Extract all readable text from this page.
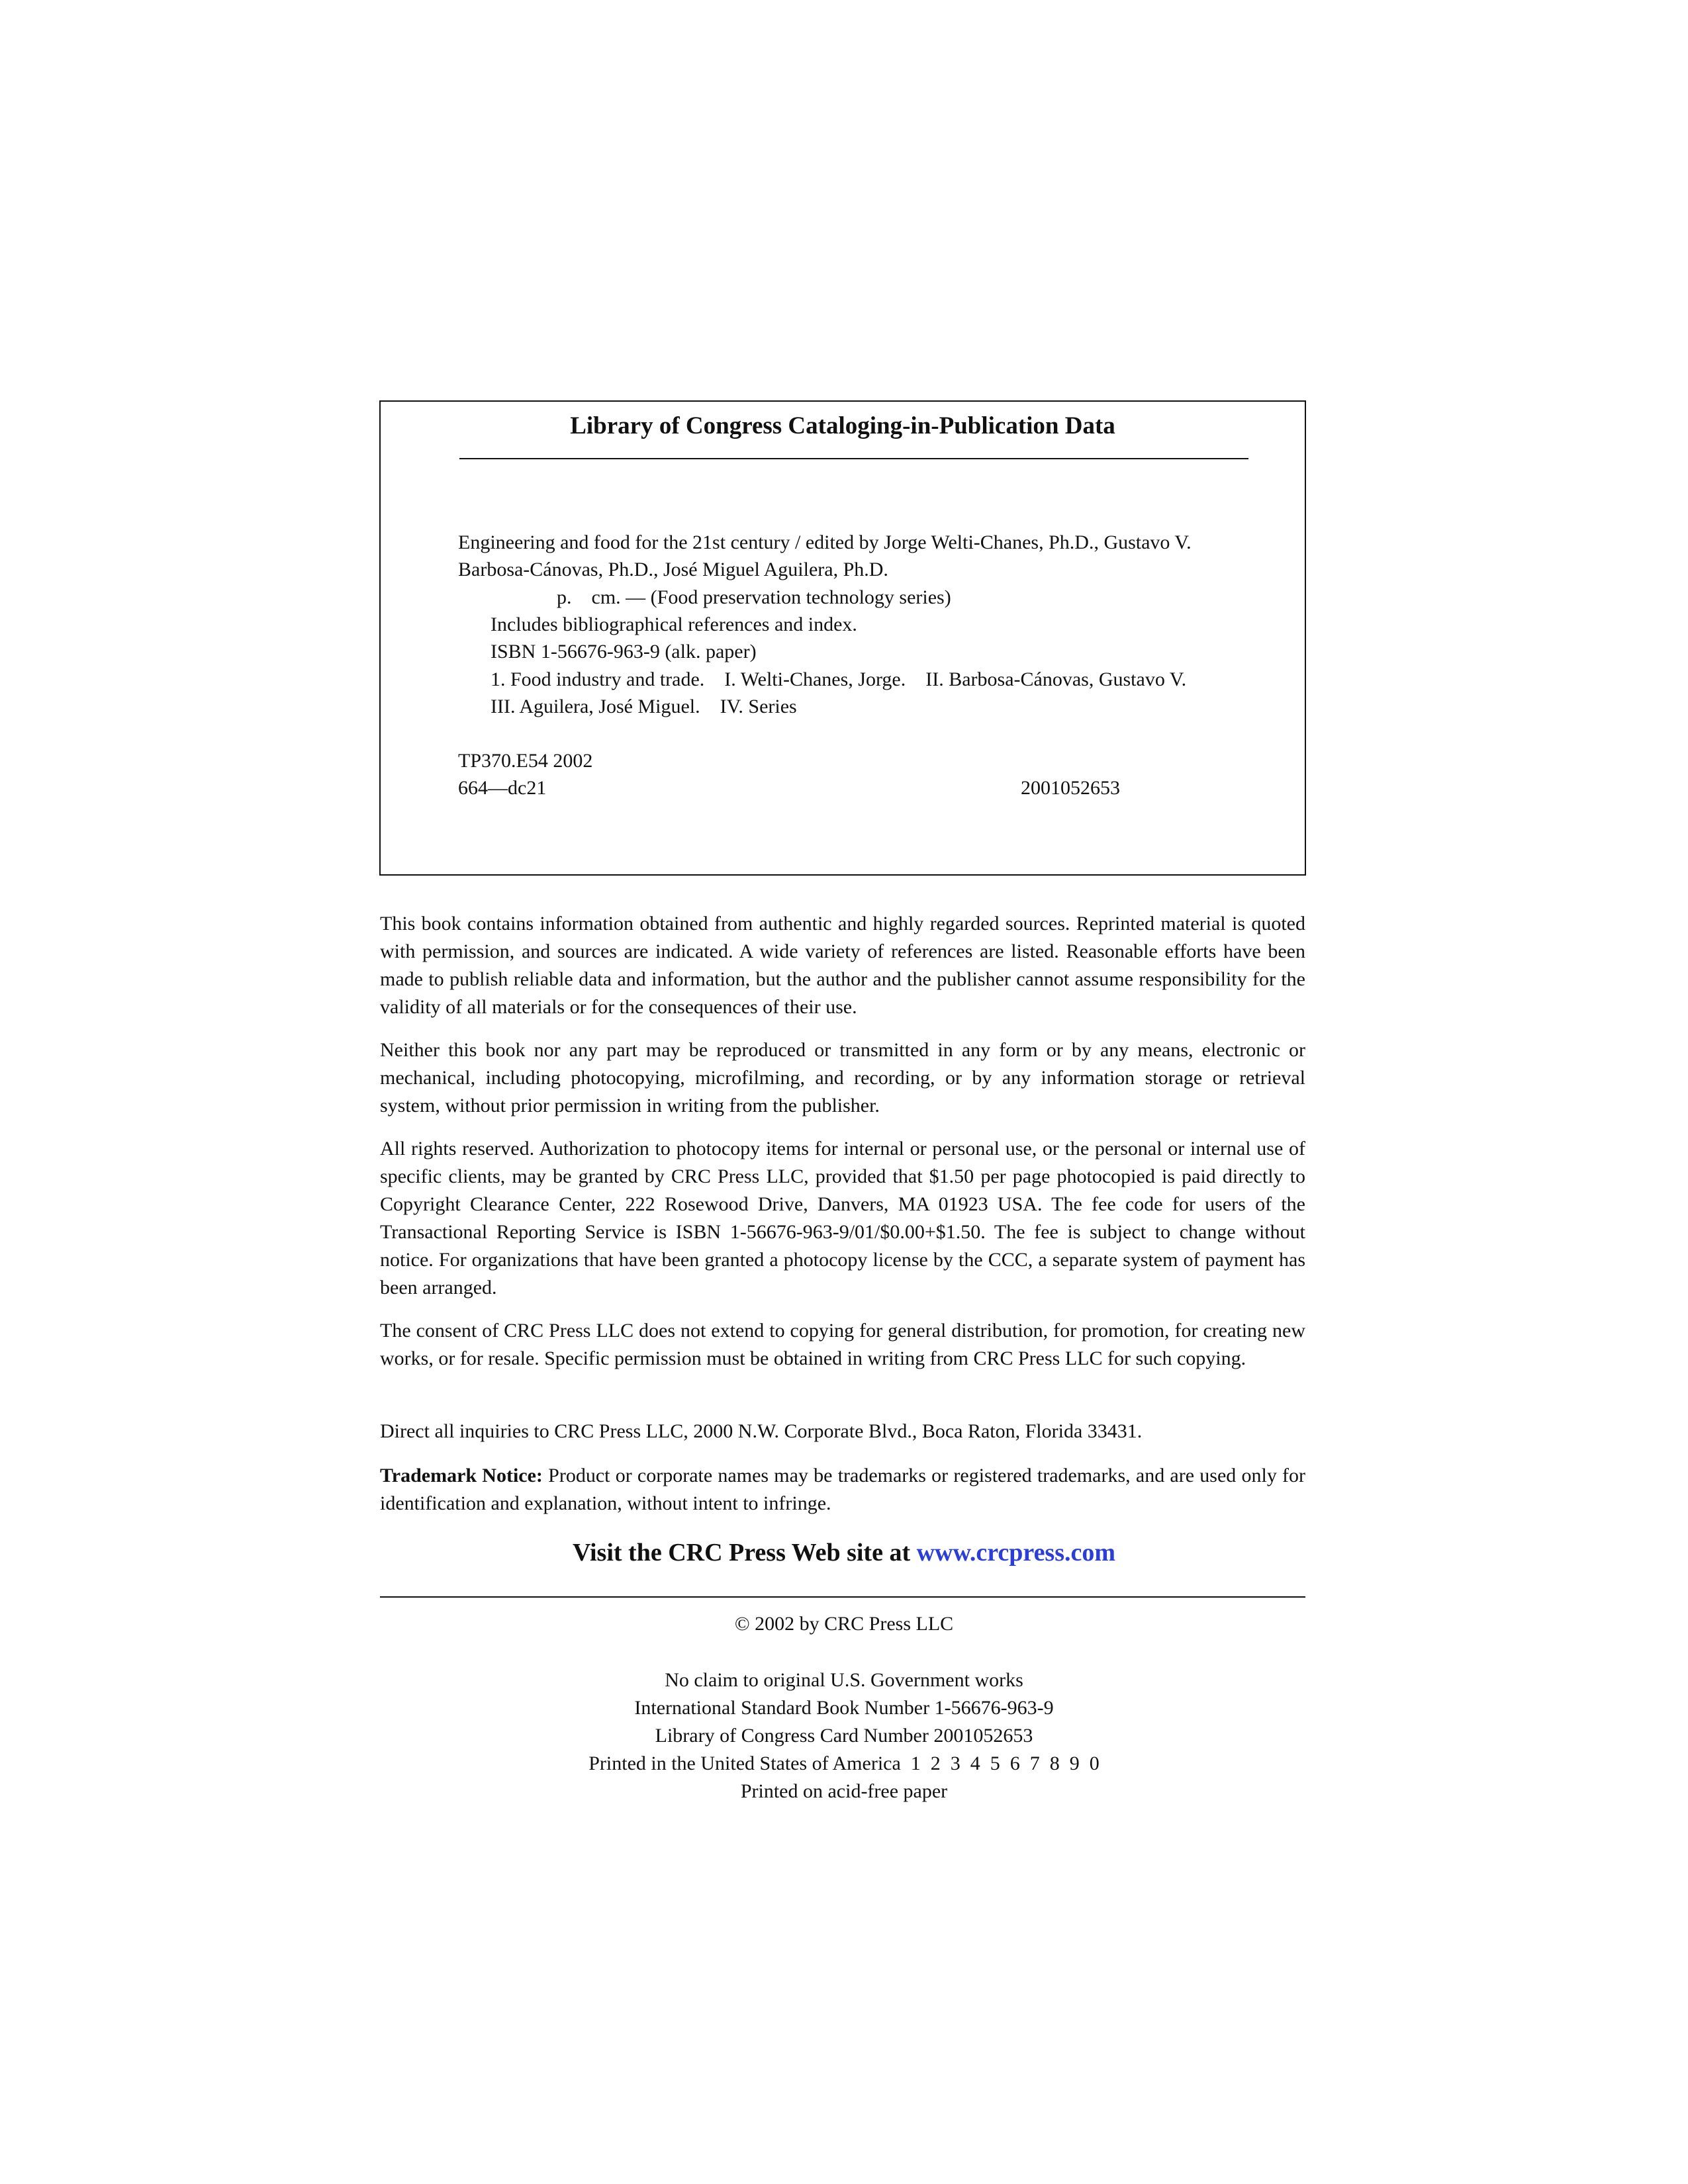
Library of Congress Cataloging-in-Publication Data
Engineering and food for the 21st century / edited by Jorge Welti-Chanes, Ph.D., Gustavo V.
Barbosa-Cánovas, Ph.D., José Miguel Aguilera, Ph.D.
p.    cm. — (Food preservation technology series)
Includes bibliographical references and index.
ISBN 1-56676-963-9 (alk. paper)
1. Food industry and trade. I. Welti-Chanes, Jorge. II. Barbosa-Cánovas, Gustavo V.
III. Aguilera, José Miguel. IV. Series
TP370.E54 2002
664—dc21	2001052653

This book contains information obtained from authentic and highly regarded sources. Reprinted material is quoted with permission, and sources are indicated. A wide variety of references are listed. Reasonable efforts have been made to publish reliable data and information, but the author and the publisher cannot assume responsibility for the validity of all materials or for the consequences of their use.

Neither this book nor any part may be reproduced or transmitted in any form or by any means, electronic or mechanical, including photocopying, microfilming, and recording, or by any information storage or retrieval system, without prior permission in writing from the publisher.

All rights reserved. Authorization to photocopy items for internal or personal use, or the personal or internal use of specific clients, may be granted by CRC Press LLC, provided that $1.50 per page photocopied is paid directly to Copyright Clearance Center, 222 Rosewood Drive, Danvers, MA 01923 USA. The fee code for users of the Transactional Reporting Service is ISBN 1-56676-963-9/01/$0.00+$1.50. The fee is subject to change without notice. For organizations that have been granted a photocopy license by the CCC, a separate system of payment has been arranged.

The consent of CRC Press LLC does not extend to copying for general distribution, for promotion, for creating new works, or for resale. Specific permission must be obtained in writing from CRC Press LLC for such copying.

Direct all inquiries to CRC Press LLC, 2000 N.W. Corporate Blvd., Boca Raton, Florida 33431.

Trademark Notice: Product or corporate names may be trademarks or registered trademarks, and are used only for identification and explanation, without intent to infringe.

Visit the CRC Press Web site at www.crcpress.com
© 2002 by CRC Press LLC
No claim to original U.S. Government works
International Standard Book Number 1-56676-963-9
Library of Congress Card Number 2001052653
Printed in the United States of America  1  2  3  4  5  6  7  8  9  0
Printed on acid-free paper
